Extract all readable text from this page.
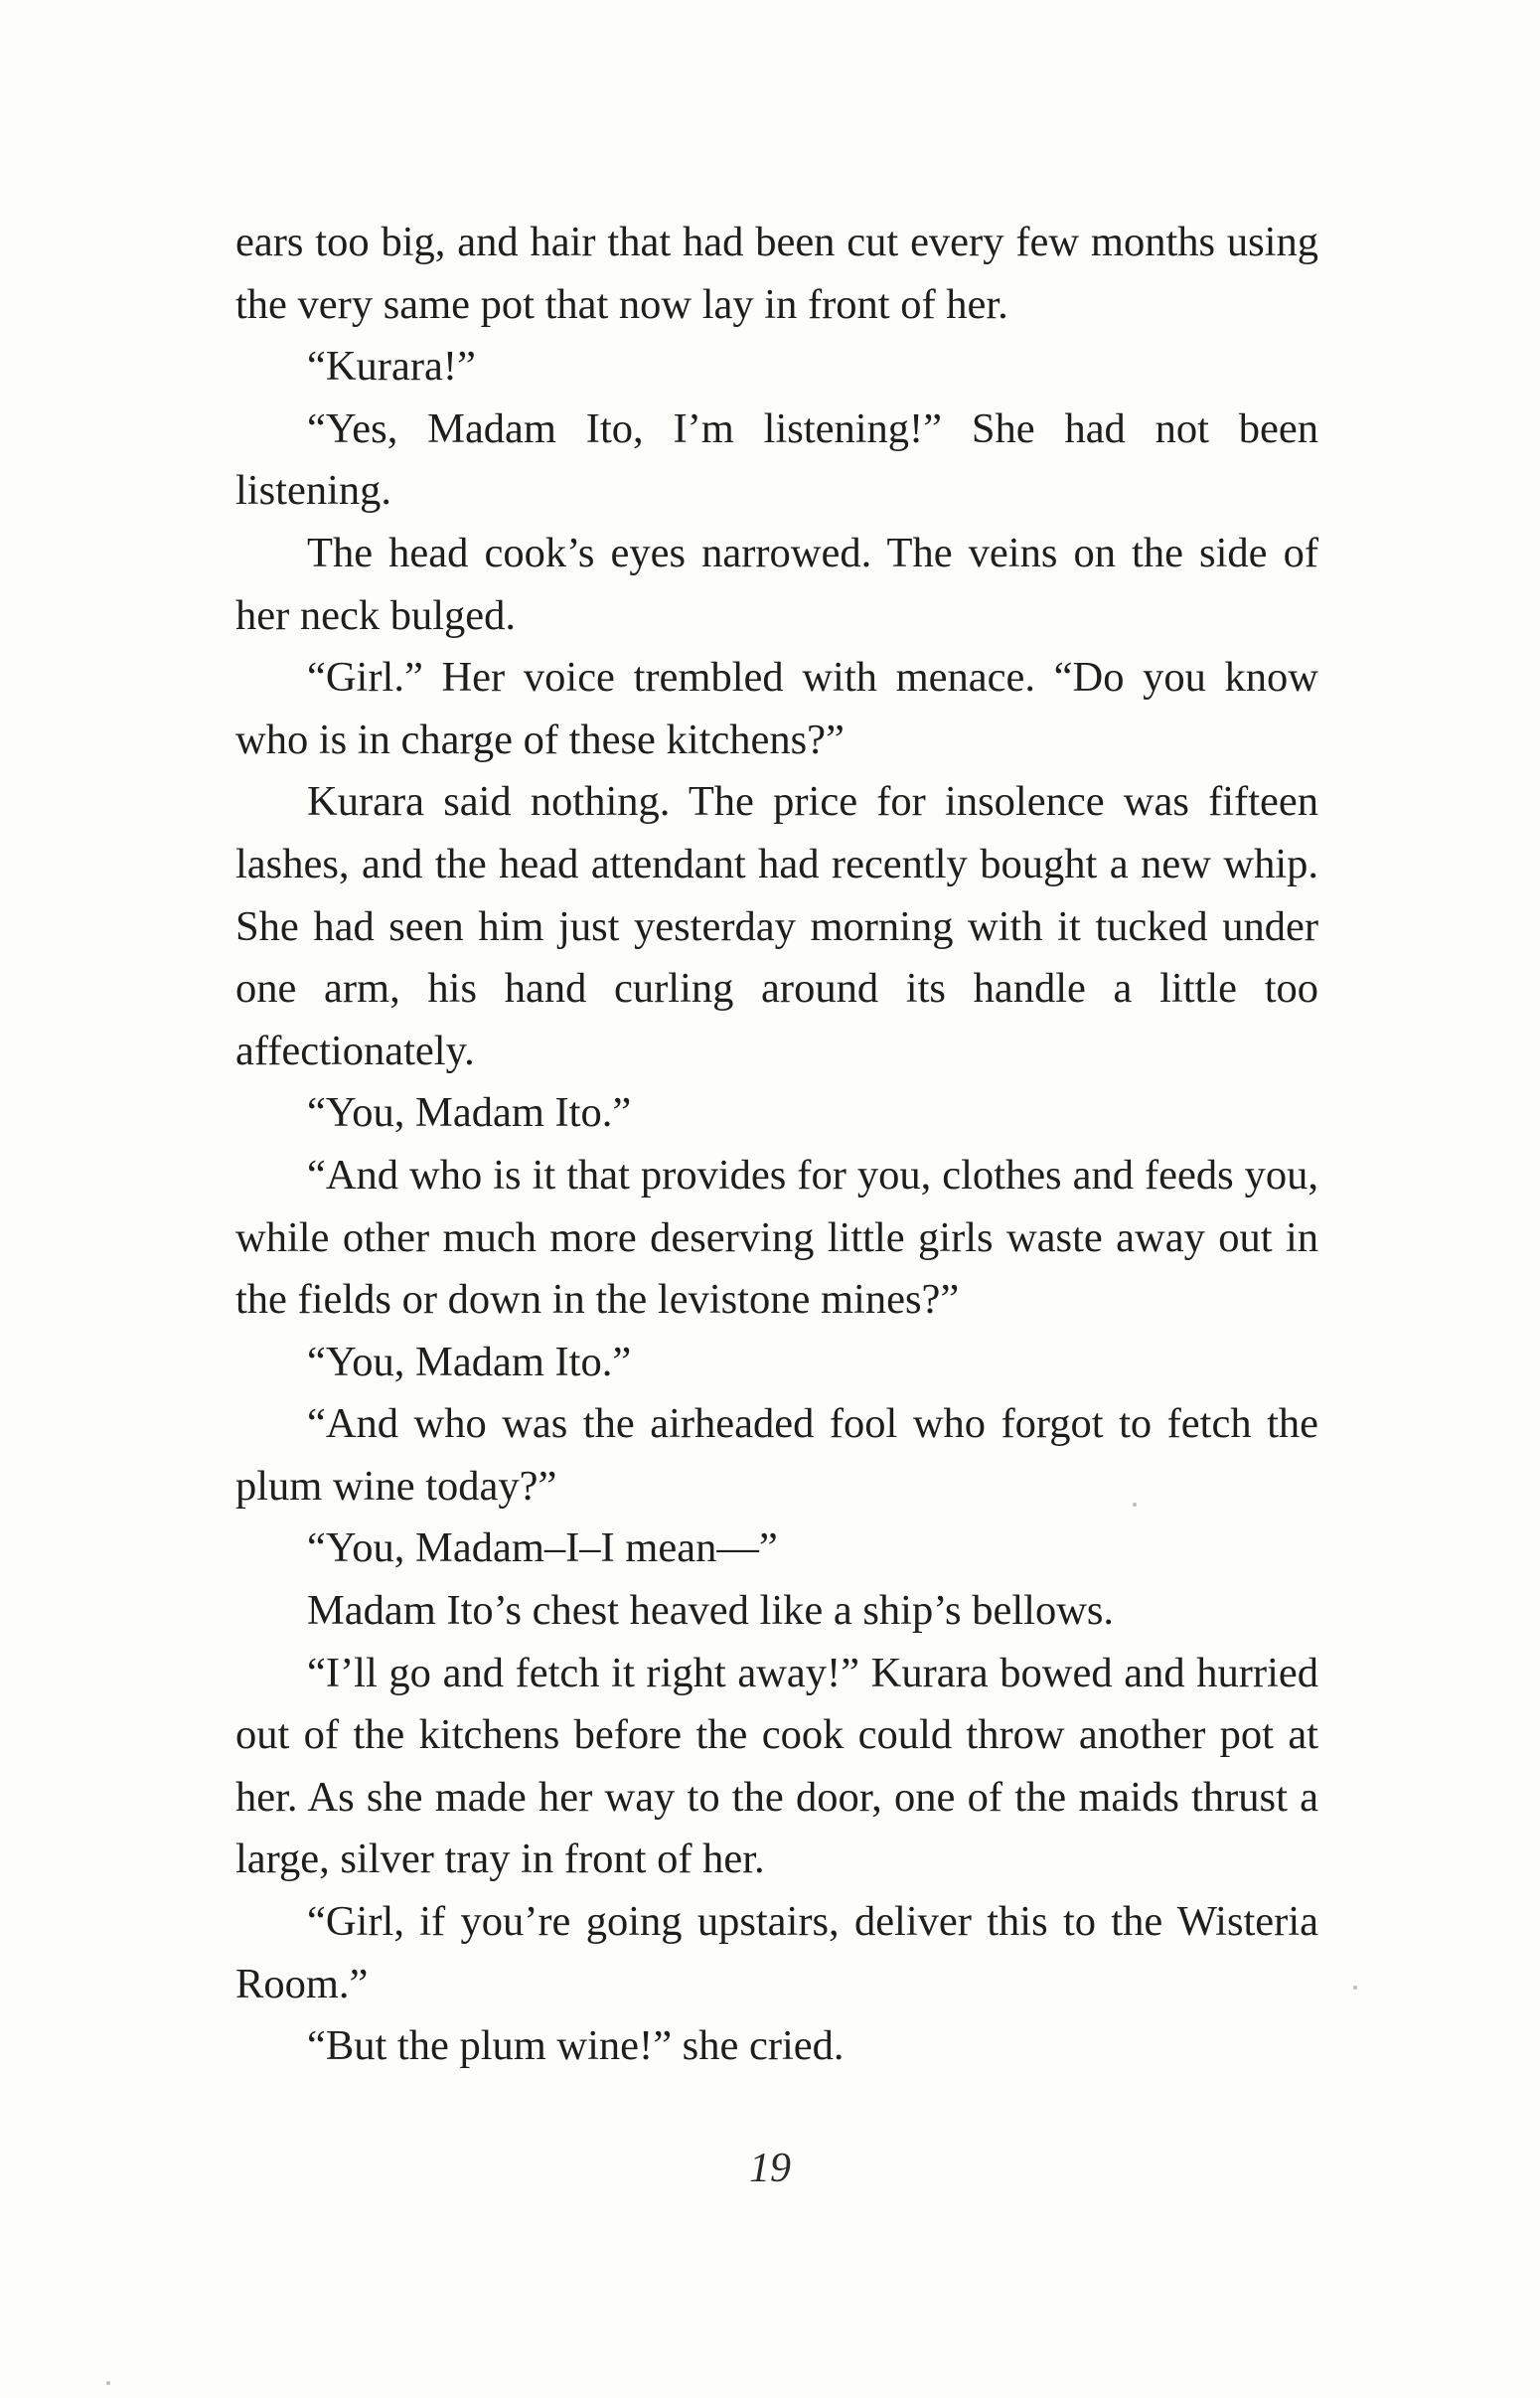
ears too big, and hair that had been cut every few months using the very same pot that now lay in front of her.

“Kurara!”

“Yes, Madam Ito, I’m listening!” She had not been listening.

The head cook’s eyes narrowed. The veins on the side of her neck bulged.

“Girl.” Her voice trembled with menace. “Do you know who is in charge of these kitchens?”

Kurara said nothing. The price for insolence was fifteen lashes, and the head attendant had recently bought a new whip. She had seen him just yesterday morning with it tucked under one arm, his hand curling around its handle a little too affectionately.

“You, Madam Ito.”

“And who is it that provides for you, clothes and feeds you, while other much more deserving little girls waste away out in the fields or down in the levistone mines?”

“You, Madam Ito.”

“And who was the airheaded fool who forgot to fetch the plum wine today?”

“You, Madam–I–I mean—”

Madam Ito’s chest heaved like a ship’s bellows.

“I’ll go and fetch it right away!” Kurara bowed and hurried out of the kitchens before the cook could throw another pot at her. As she made her way to the door, one of the maids thrust a large, silver tray in front of her.

“Girl, if you’re going upstairs, deliver this to the Wisteria Room.”

“But the plum wine!” she cried.

19
